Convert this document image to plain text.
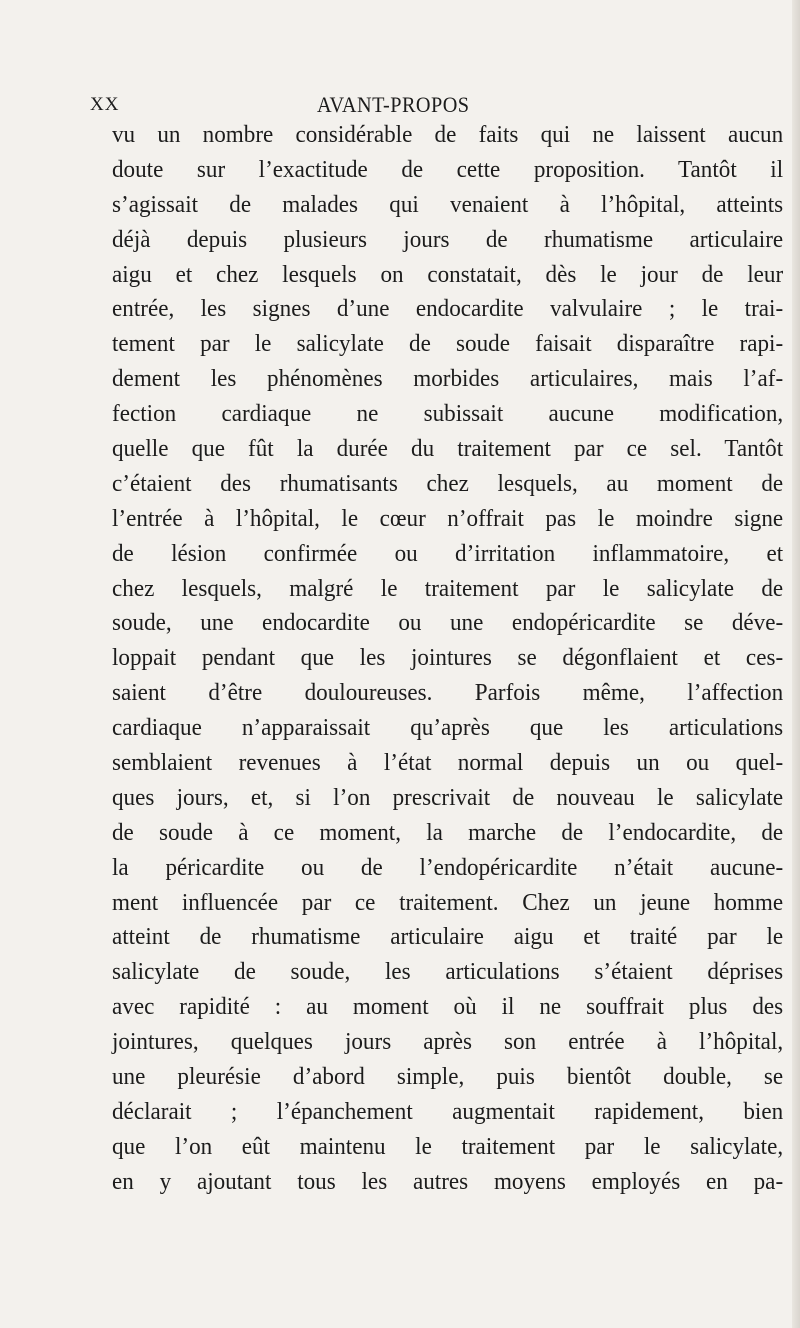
XX	AVANT-PROPOS
vu un nombre considérable de faits qui ne laissent aucun
doute sur l’exactitude de cette proposition. Tantôt il
s’agissait de malades qui venaient à l’hôpital, atteints
déjà depuis plusieurs jours de rhumatisme articulaire
aigu et chez lesquels on constatait, dès le jour de leur
entrée, les signes d’une endocardite valvulaire ; le trai-
tement par le salicylate de soude faisait disparaître rapi-
dement les phénomènes morbides articulaires, mais l’af-
fection cardiaque ne subissait aucune modification,
quelle que fût la durée du traitement par ce sel. Tantôt
c’étaient des rhumatisants chez lesquels, au moment de
l’entrée à l’hôpital, le cœur n’offrait pas le moindre signe
de lésion confirmée ou d’irritation inflammatoire, et
chez lesquels, malgré le traitement par le salicylate de
soude, une endocardite ou une endopéricardite se déve-
loppait pendant que les jointures se dégonflaient et ces-
saient d’être douloureuses. Parfois même, l’affection
cardiaque n’apparaissait qu’après que les articulations
semblaient revenues à l’état normal depuis un ou quel-
ques jours, et, si l’on prescrivait de nouveau le salicylate
de soude à ce moment, la marche de l’endocardite, de
la péricardite ou de l’endopéricardite n’était aucune-
ment influencée par ce traitement. Chez un jeune homme
atteint de rhumatisme articulaire aigu et traité par le
salicylate de soude, les articulations s’étaient déprises
avec rapidité : au moment où il ne souffrait plus des
jointures, quelques jours après son entrée à l’hôpital,
une pleurésie d’abord simple, puis bientôt double, se
déclarait ; l’épanchement augmentait rapidement, bien
que l’on eût maintenu le traitement par le salicylate,
en y ajoutant tous les autres moyens employés en pa-
